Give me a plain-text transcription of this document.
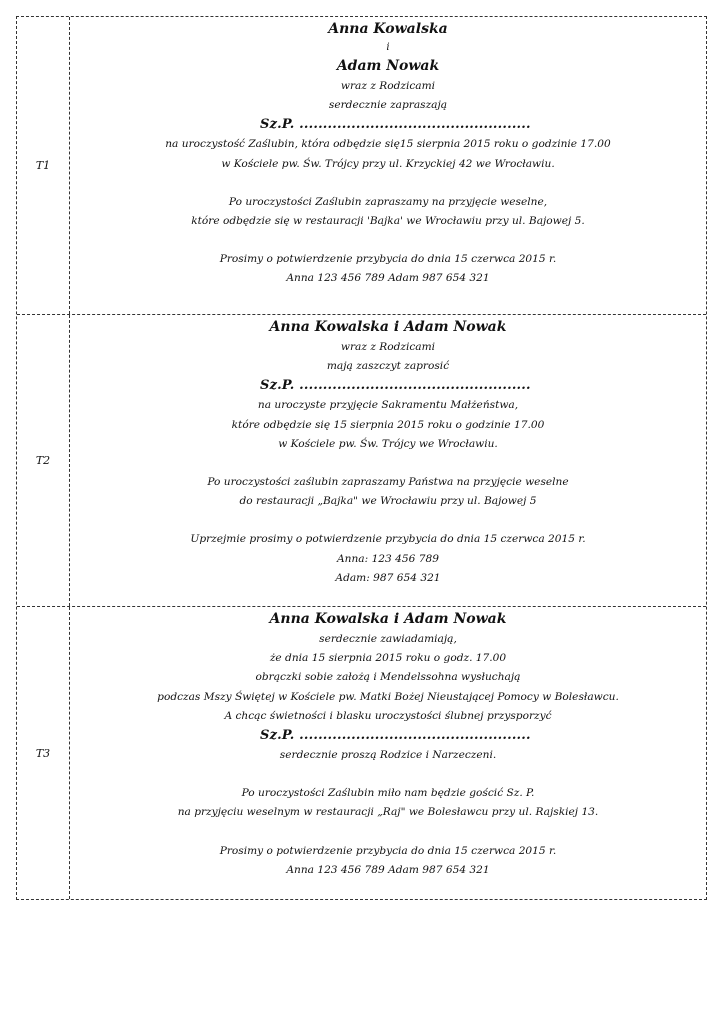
T1
Anna Kowalska
i
Adam Nowak
wraz z Rodzicami
serdecznie zapraszają
Sz.P. .................................................
na uroczystość Zaślubin, która odbędzie się15 sierpnia 2015 roku o godzinie 17.00
w Kościele pw. Św. Trójcy przy ul. Krzyckiej 42 we Wrocławiu.
Po uroczystości Zaślubin zapraszamy na przyjęcie weselne,
które odbędzie się w restauracji 'Bajka' we Wrocławiu przy ul. Bajowej 5.
Prosimy o potwierdzenie przybycia do dnia 15 czerwca 2015 r.
Anna 123 456 789 Adam 987 654 321
T2
Anna Kowalska i Adam Nowak
wraz z Rodzicami
mają zaszczyt zaprosić
Sz.P. .................................................
na uroczyste przyjęcie Sakramentu Małżeństwa,
które odbędzie się 15 sierpnia 2015 roku o godzinie 17.00
w Kościele pw. Św. Trójcy we Wrocławiu.
Po uroczystości zaślubin zapraszamy Państwa na przyjęcie weselne
do restauracji „Bajka" we Wrocławiu przy ul. Bajowej 5
Uprzejmie prosimy o potwierdzenie przybycia do dnia 15 czerwca 2015 r.
Anna: 123 456 789
Adam: 987 654 321
T3
Anna Kowalska i Adam Nowak
serdecznie zawiadamiają,
że dnia 15 sierpnia 2015 roku o godz. 17.00
obrączki sobie założą i Mendelssohna wysłuchają
podczas Mszy Świętej w Kościele pw. Matki Bożej Nieustającej Pomocy w Bolesławcu.
A chcąc świetności i blasku uroczystości ślubnej przysporzyć
Sz.P. .................................................
serdecznie proszą Rodzice i Narzeczeni.
Po uroczystości Zaślubin miło nam będzie gościć Sz. P.
na przyjęciu weselnym w restauracji „Raj" we Bolesławcu przy ul. Rajskiej 13.
Prosimy o potwierdzenie przybycia do dnia 15 czerwca 2015 r.
Anna 123 456 789 Adam 987 654 321
